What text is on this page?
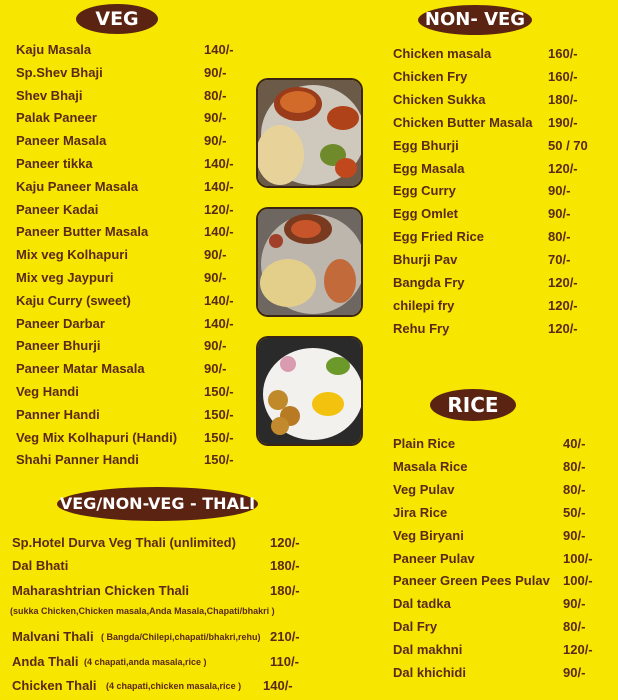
VEG	NON- VEG
RICE
VEG/NON-VEG - THALI
Kaju Masala	140/-
Sp.Shev Bhaji	90/-
Shev Bhaji	80/-
Palak Paneer	90/-
Paneer Masala	90/-
Paneer tikka	140/-
Kaju Paneer Masala	140/-
Paneer Kadai	120/-
Paneer Butter Masala	140/-
Mix veg Kolhapuri	90/-
Mix veg Jaypuri	90/-
Kaju Curry (sweet)	140/-
Paneer Darbar	140/-
Paneer Bhurji	90/-
Paneer Matar Masala	90/-
Veg Handi	150/-
Panner Handi	150/-
Veg Mix Kolhapuri (Handi) 150/-
Shahi Panner Handi	150/-
Chicken masala	160/-
Chicken Fry	160/-
Chicken Sukka	180/-
Chicken Butter Masala 190/-
Egg Bhurji	50 / 70
Egg Masala	120/-
Egg Curry	90/-
Egg Omlet	90/-
Egg Fried Rice	80/-
Bhurji Pav	70/-
Bangda Fry	120/-
chilepi fry	120/-
Rehu Fry	120/-
Plain Rice	40/-
Masala Rice	80/-
Veg Pulav	80/-
Jira Rice	50/-
Veg Biryani	90/-
Paneer Pulav	100/-
Paneer Green Pees Pulav 100/-
Dal tadka	90/-
Dal Fry	80/-
Dal makhni	120/-
Dal khichidi	90/-
Sp.Hotel Durva Veg Thali (unlimited)	120/-
Dal Bhati	180/-
Maharashtrian Chicken Thali	180/-
Malvani Thali ( Bangda/Chilepi,chapati/bhakri,rehu) 210/-
Anda Thali (4 chapati,anda masala,rice )	110/-
Chicken Thali (4 chapati,chicken masala,rice ) 140/-
(sukka Chicken,Chicken masala,Anda Masala,Chapati/bhakri )
